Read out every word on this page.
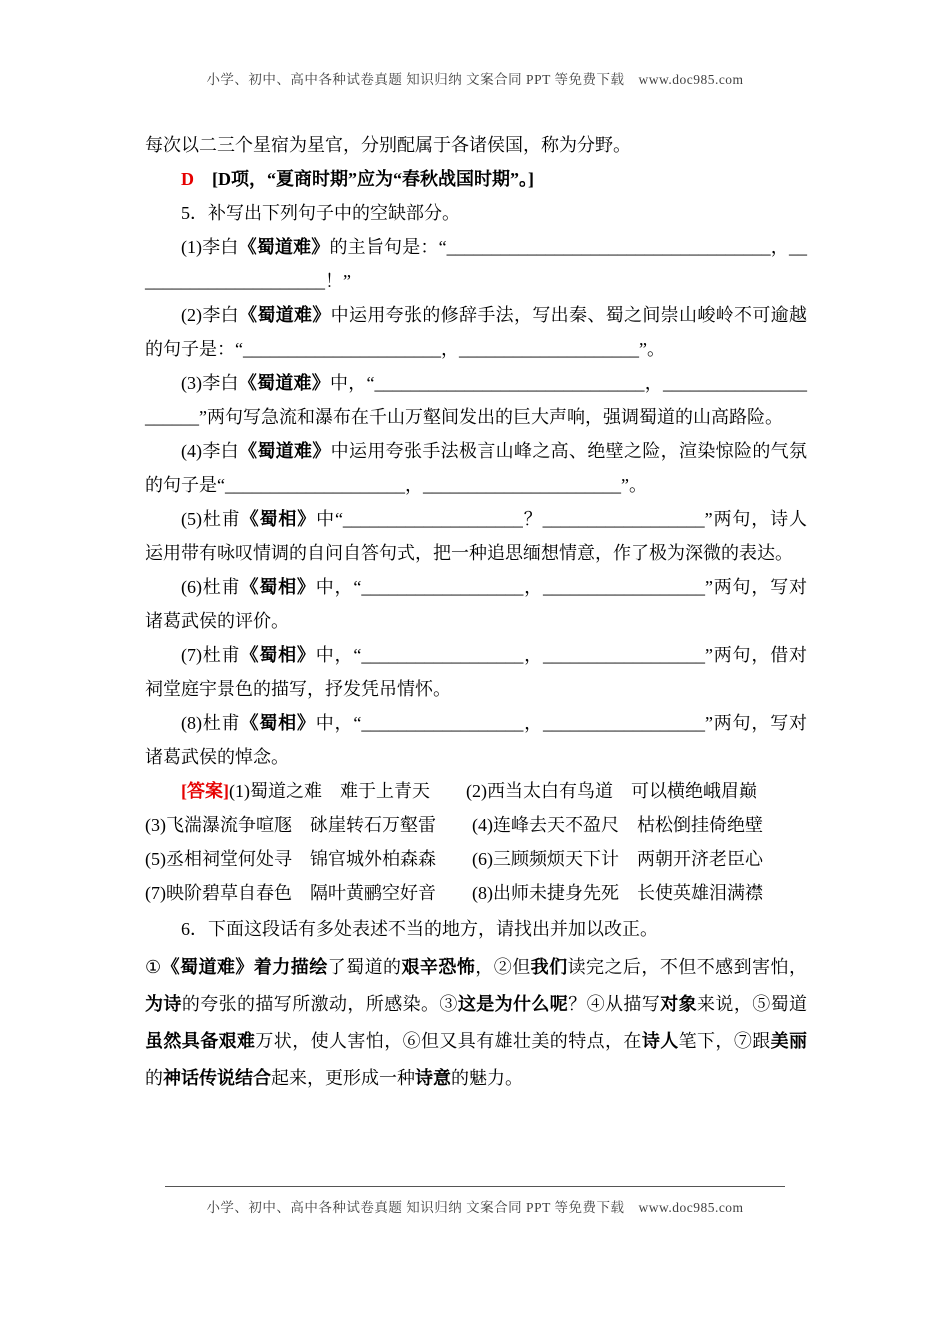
小学、初中、高中各种试卷真题 知识归纳 文案合同 PPT 等免费下载　www.doc985.com

每次以二三个星宿为星官，分别配属于各诸侯国，称为分野。

D　 [D项，“夏商时期”应为“春秋战国时期”。]

5．补写出下列句子中的空缺部分。

(1)李白《蜀道难》的主旨句是：“____________________________________，______________________！”

(2)李白《蜀道难》中运用夸张的修辞手法，写出秦、蜀之间崇山峻岭不可逾越的句子是：“______________________，____________________”。

(3)李白《蜀道难》中，“______________________________，______________________”两句写急流和瀑布在千山万壑间发出的巨大声响，强调蜀道的山高路险。

(4)李白《蜀道难》中运用夸张手法极言山峰之高、绝壁之险，渲染惊险的气氛的句子是“____________________，______________________”。

(5)杜甫《蜀相》中“____________________？__________________”两句，诗人运用带有咏叹情调的自问自答句式，把一种追思缅想情意，作了极为深微的表达。

(6)杜甫《蜀相》中，“__________________，__________________”两句，写对诸葛武侯的评价。

(7)杜甫《蜀相》中，“__________________，__________________”两句，借对祠堂庭宇景色的描写，抒发凭吊情怀。

(8)杜甫《蜀相》中，“__________________，__________________”两句，写对诸葛武侯的悼念。

[答案](1)蜀道之难　难于上青天　　(2)西当太白有鸟道　可以横绝峨眉巅

(3)飞湍瀑流争喧豗　砯崖转石万壑雷　　(4)连峰去天不盈尺　枯松倒挂倚绝壁

(5)丞相祠堂何处寻　锦官城外柏森森　　(6)三顾频烦天下计　两朝开济老臣心

(7)映阶碧草自春色　隔叶黄鹂空好音　　(8)出师未捷身先死　长使英雄泪满襟

6．下面这段话有多处表述不当的地方，请找出并加以改正。

①《蜀道难》着力描绘了蜀道的艰辛恐怖，②但我们读完之后，不但不感到害怕，为诗的夸张的描写所激动，所感染。③这是为什么呢？④从描写对象来说，⑤蜀道虽然具备艰难万状，使人害怕，⑥但又具有雄壮美的特点，在诗人笔下，⑦跟美丽的神话传说结合起来，更形成一种诗意的魅力。

小学、初中、高中各种试卷真题 知识归纳 文案合同 PPT 等免费下载　www.doc985.com
